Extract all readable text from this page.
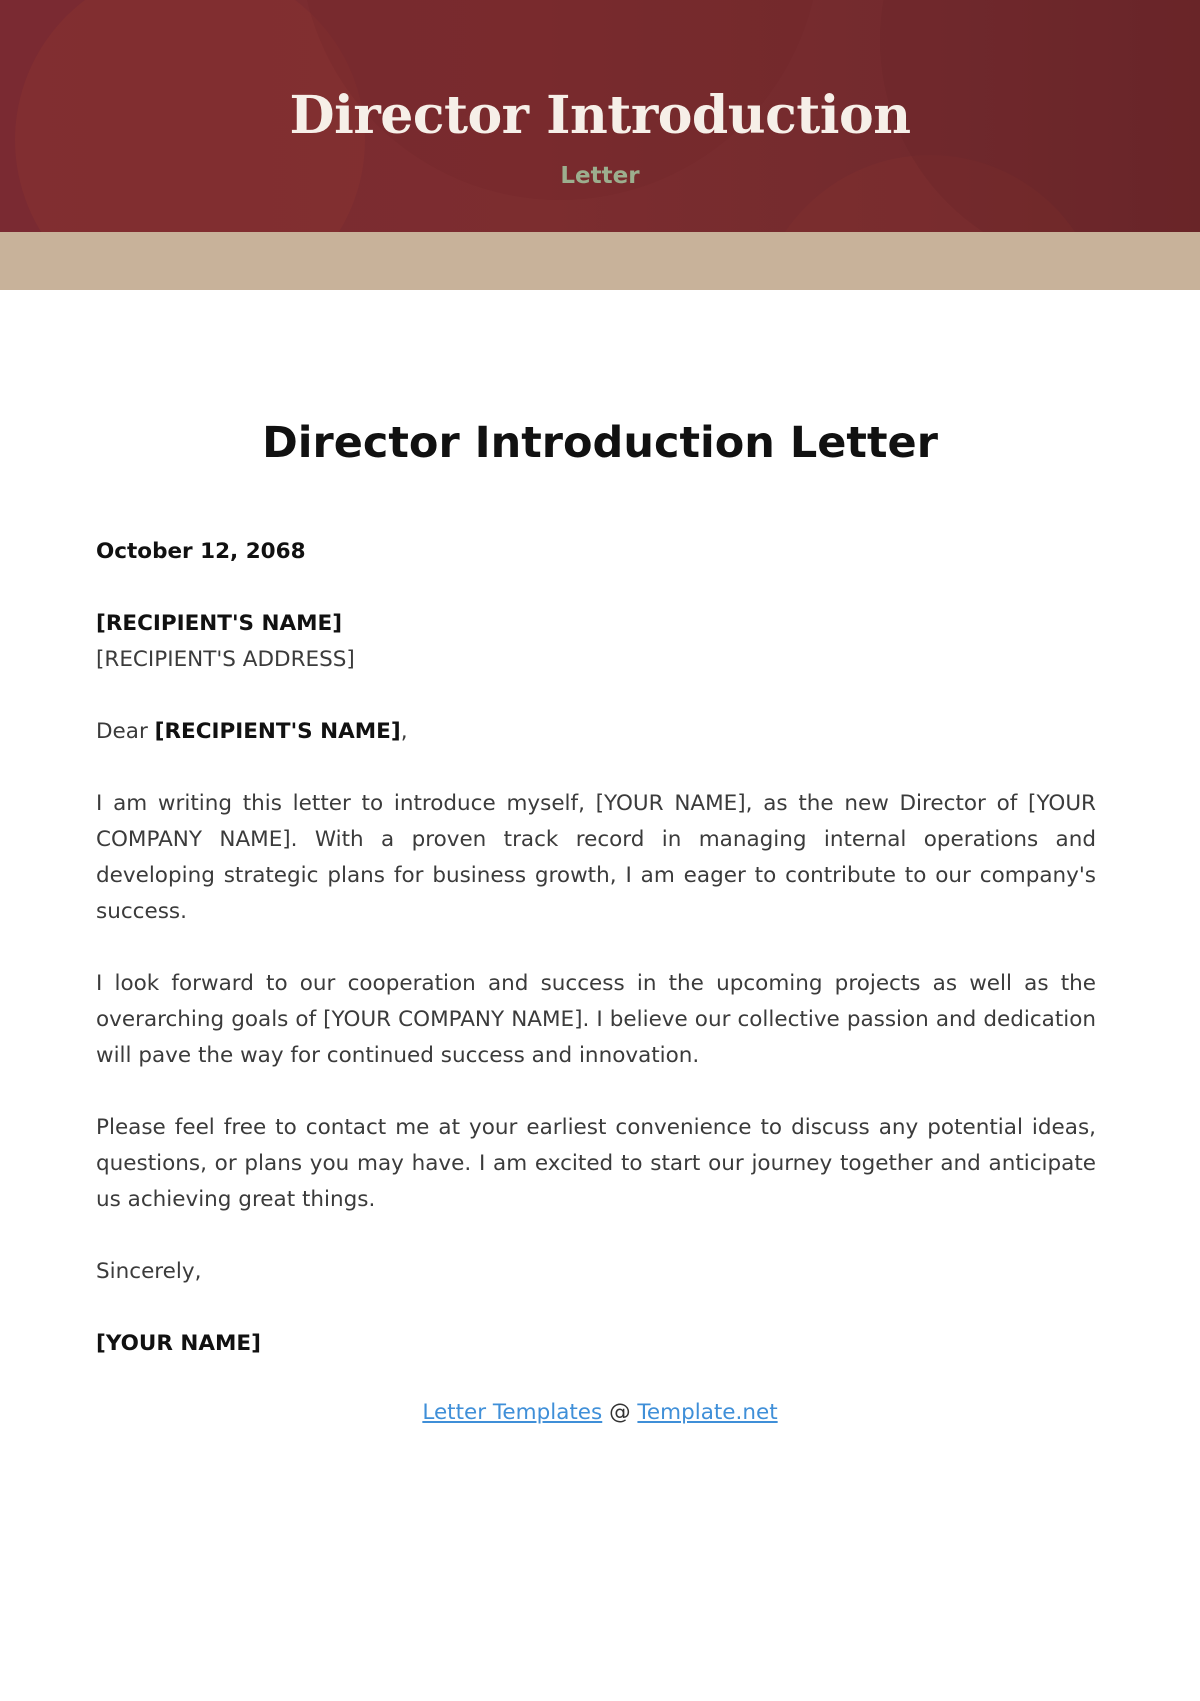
Director Introduction
Letter
Director Introduction Letter

October 12, 2068

[RECIPIENT'S NAME]

[RECIPIENT'S ADDRESS]

Dear [RECIPIENT'S NAME],

I am writing this letter to introduce myself, [YOUR NAME], as the new Director of [YOUR COMPANY NAME]. With a proven track record in managing internal operations and developing strategic plans for business growth, I am eager to contribute to our company's success.

I look forward to our cooperation and success in the upcoming projects as well as the overarching goals of [YOUR COMPANY NAME]. I believe our collective passion and dedication will pave the way for continued success and innovation.

Please feel free to contact me at your earliest convenience to discuss any potential ideas, questions, or plans you may have. I am excited to start our journey together and anticipate us achieving great things.

Sincerely,

[YOUR NAME]

Letter Templates @ Template.net
